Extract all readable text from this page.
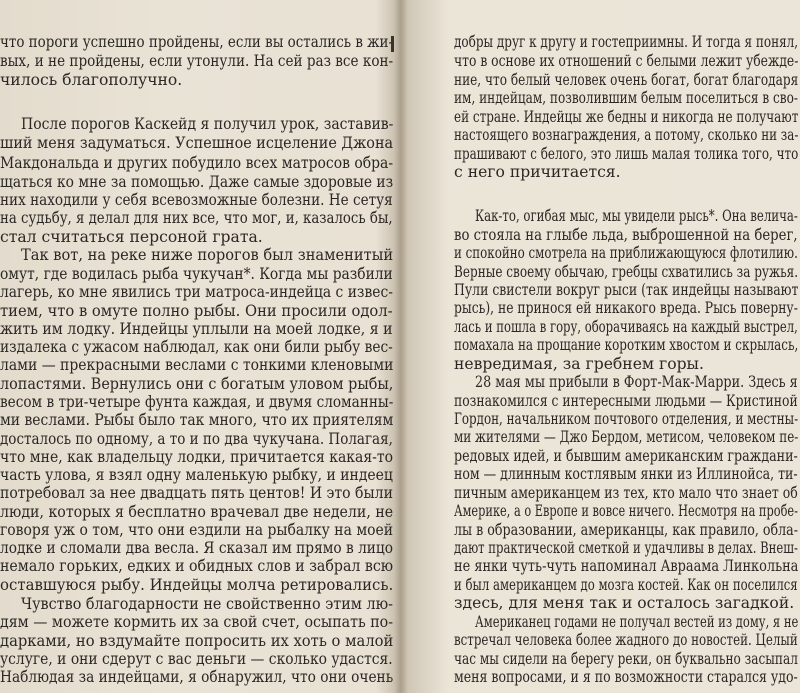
что пороги успешно пройдены, если вы остались в жи-
вых, и не пройдены, если утонули. На сей раз все кон-
чилось благополучно.
После порогов Каскейд я получил урок, заставив-
ший меня задуматься. Успешное исцеление Джона
Макдональда и других побудило всех матросов обра-
щаться ко мне за помощью. Даже самые здоровые из
них находили у себя всевозможные болезни. Не сетуя
на судьбу, я делал для них все, что мог, и, казалось бы,
стал считаться персоной грата.
Так вот, на реке ниже порогов был знаменитый
омут, где водилась рыба чукучан*. Когда мы разбили
лагерь, ко мне явились три матроса-индейца с извес-
тием, что в омуте полно рыбы. Они просили одол-
жить им лодку. Индейцы уплыли на моей лодке, я и
издалека с ужасом наблюдал, как они били рыбу вес-
лами — прекрасными веслами с тонкими кленовыми
лопастями. Вернулись они с богатым уловом рыбы,
весом в три-четыре фунта каждая, и двумя сломанны-
ми веслами. Рыбы было так много, что их приятелям
досталось по одному, а то и по два чукучана. Полагая,
что мне, как владельцу лодки, причитается какая-то
часть улова, я взял одну маленькую рыбку, и индеец
потребовал за нее двадцать пять центов! И это были
люди, которых я бесплатно врачевал две недели, не
говоря уж о том, что они ездили на рыбалку на моей
лодке и сломали два весла. Я сказал им прямо в лицо
немало горьких, едких и обидных слов и забрал всю
оставшуюся рыбу. Индейцы молча ретировались.
Чувство благодарности не свойственно этим лю-
дям — можете кормить их за свой счет, осыпать по-
дарками, но вздумайте попросить их хоть о малой
услуге, и они сдерут с вас деньги — сколько удастся.
Наблюдая за индейцами, я обнаружил, что они очень
добры друг к другу и гостеприимны. И тогда я понял,
что в основе их отношений с белыми лежит убежде-
ние, что белый человек очень богат, богат благодаря
им, индейцам, позволившим белым поселиться в сво-
ей стране. Индейцы же бедны и никогда не получают
настоящего вознаграждения, а потому, сколько ни за-
прашивают с белого, это лишь малая толика того, что
с него причитается.
Как-то, огибая мыс, мы увидели рысь*. Она велича-
во стояла на глыбе льда, выброшенной на берег,
и спокойно смотрела на приближающуюся флотилию.
Верные своему обычаю, гребцы схватились за ружья.
Пули свистели вокруг рыси (так индейцы называют
рысь), не принося ей никакого вреда. Рысь поверну-
лась и пошла в гору, оборачиваясь на каждый выстрел,
помахала на прощание коротким хвостом и скрылась,
невредимая, за гребнем горы.
28 мая мы прибыли в Форт-Мак-Марри. Здесь я
познакомился с интересными людьми — Кристиной
Гордон, начальником почтового отделения, и местны-
ми жителями — Джо Бердом, метисом, человеком пе-
редовых идей, и бывшим американским граждани-
ном — длинным костлявым янки из Иллинойса, ти-
пичным американцем из тех, кто мало что знает об
Америке, а о Европе и вовсе ничего. Несмотря на пробе-
лы в образовании, американцы, как правило, обла-
дают практической сметкой и удачливы в делах. Внеш-
не янки чуть-чуть напоминал Авраама Линкольна
и был американцем до мозга костей. Как он поселился
здесь, для меня так и осталось загадкой.
Американец годами не получал вестей из дому, я не
встречал человека более жадного до новостей. Целый
час мы сидели на берегу реки, он буквально засыпал
меня вопросами, и я по возможности старался удо-
